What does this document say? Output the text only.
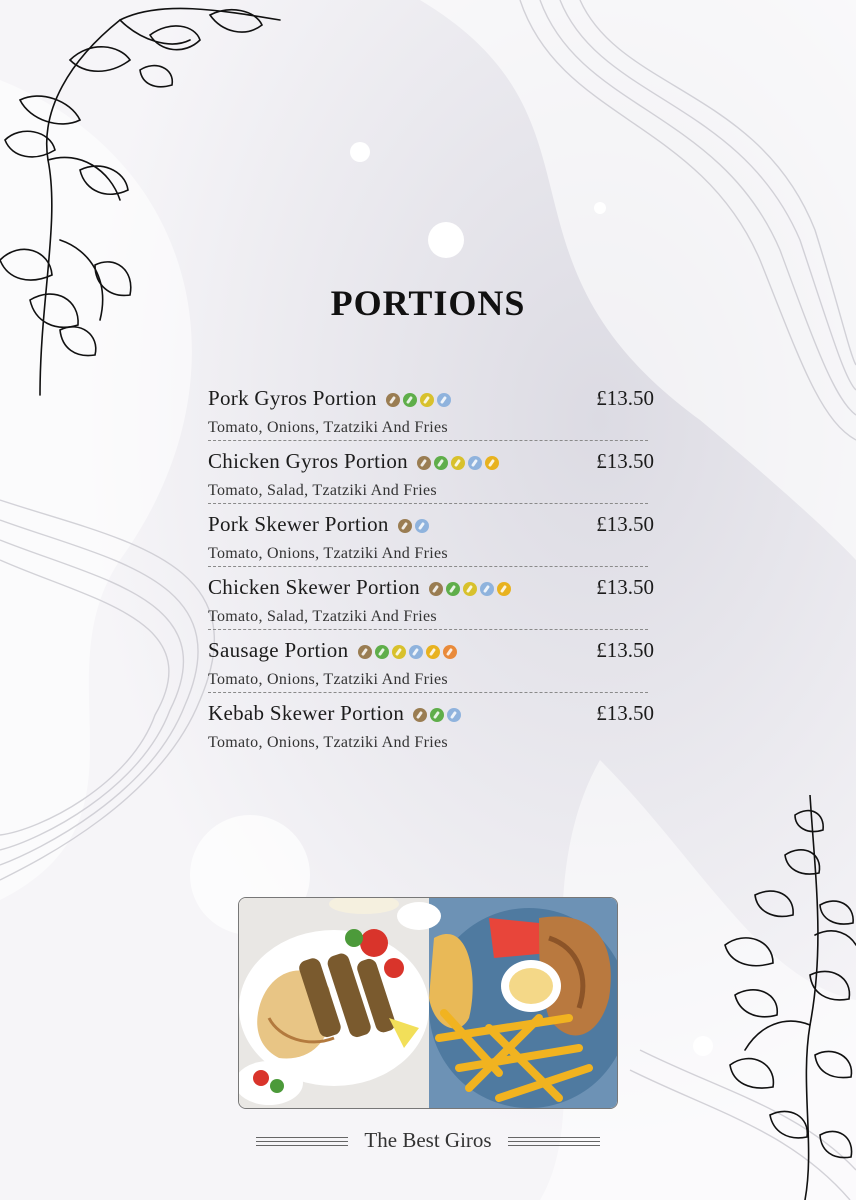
PORTIONS
Pork Gyros Portion	£13.50
Tomato, Onions, Tzatziki And Fries
Chicken Gyros Portion	£13.50
Tomato, Salad, Tzatziki And Fries
Pork Skewer Portion	£13.50
Tomato, Onions, Tzatziki And Fries
Chicken Skewer Portion	£13.50
Tomato, Salad, Tzatziki And Fries
Sausage Portion	£13.50
Tomato, Onions, Tzatziki And Fries
Kebab Skewer Portion	£13.50
Tomato, Onions, Tzatziki And Fries
The Best Giros
